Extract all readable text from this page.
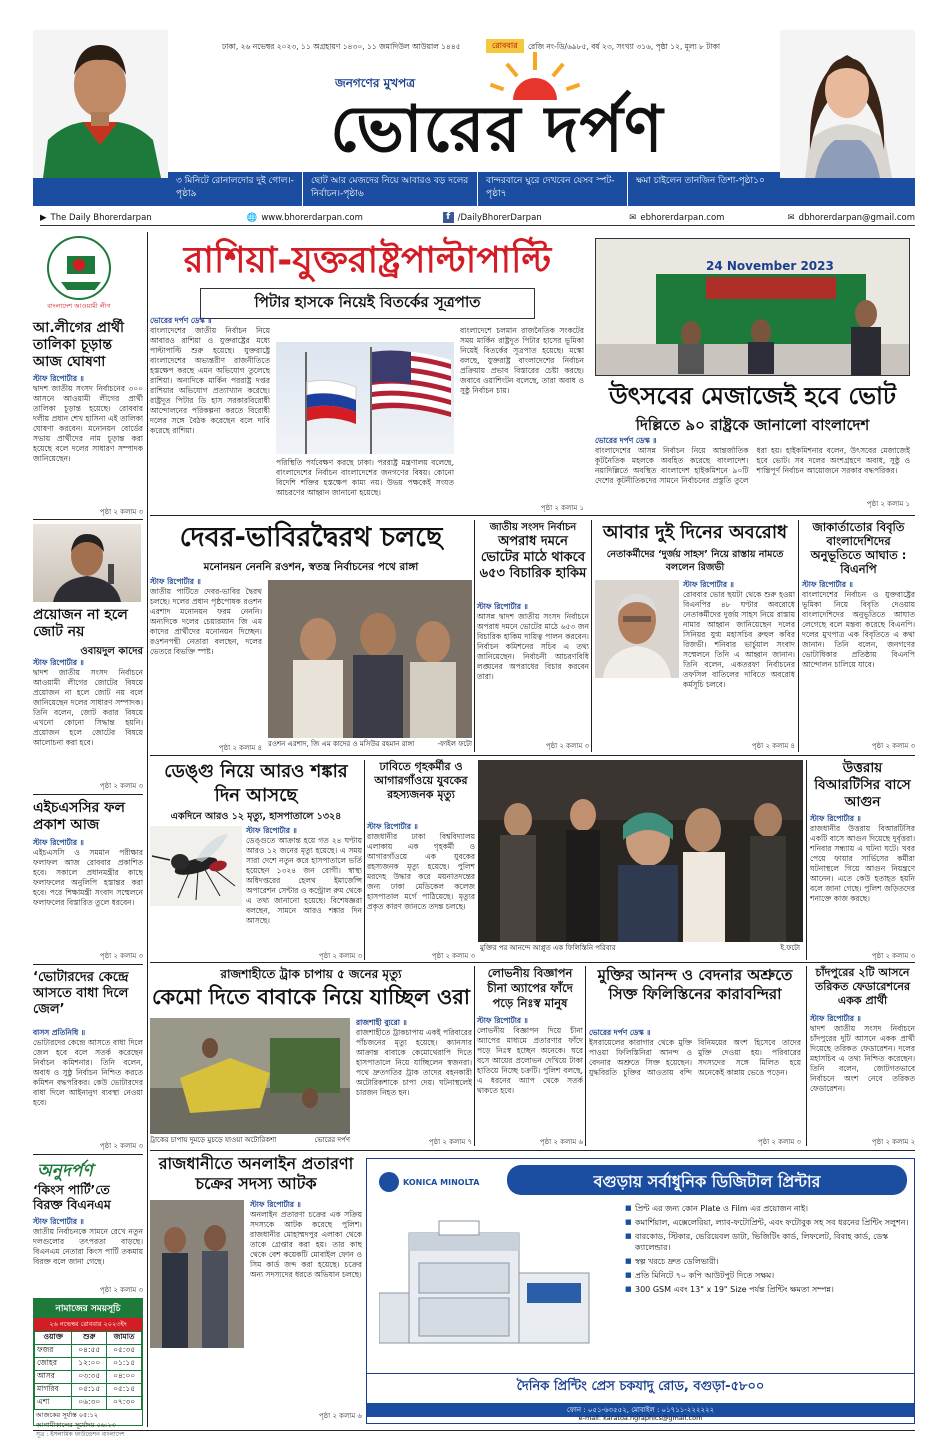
ঢাকা, ২৬ নভেম্বর ২০২৩, ১১ অগ্রহায়ণ ১৪৩০, ১১ জমাদিউল আউয়াল ১৪৪৫	রোববার	রেজি নং-ডি/৬৯৮৫, বর্ষ ২৩, সংখ্যা ৩১৬, পৃষ্ঠা ১২, মূল্য ৮ টাকা
জনগণের মুখপত্র
ভোরের দর্পণ
৩ মিনিটে রোনালদোর দুই গোল।-পৃষ্ঠা৯
ছোট আর মেজদের নিয়ে আবারও বড় দলের নির্বাচন।-পৃষ্ঠা৬
বান্দরবানে ঘুরে দেখবেন যেসব স্পট-পৃষ্ঠা৭
ক্ষমা চাইলেন তানজিন তিশা-পৃষ্ঠা১০
▶ The Daily Bhorerdarpan	🌐 www.bhorerdarpan.com	f /DailyBhorerDarpan	✉ ebhorerdarpan.com	✉ dbhorerdarpan@gmail.com
বাংলাদেশ আওয়ামী লীগ
আ.লীগের প্রার্থী তালিকা চূড়ান্ত আজ ঘোষণা
স্টাফ রিপোর্টার ॥
দ্বাদশ জাতীয় সংসদ নির্বাচনের ৩০০ আসনে আওয়ামী লীগের প্রার্থী তালিকা চূড়ান্ত হয়েছে। রোববার দলীয় প্রধান শেখ হাসিনা এই তালিকা ঘোষণা করবেন। মনোনয়ন বোর্ডের সভায় প্রার্থীদের নাম চূড়ান্ত করা হয়েছে বলে দলের সাধারণ সম্পাদক জানিয়েছেন।
পৃষ্ঠা ২ কলাম ৩
প্রয়োজন না হলে জোট নয়
ওবায়দুল কাদের
স্টাফ রিপোর্টার ॥
দ্বাদশ জাতীয় সংসদ নির্বাচনে আওয়ামী লীগের জোটের বিষয়ে প্রয়োজন না হলে জোট নয় বলে জানিয়েছেন দলের সাধারণ সম্পাদক। তিনি বলেন, জোট করার বিষয়ে এখনো কোনো সিদ্ধান্ত হয়নি। প্রয়োজন হলে জোটের বিষয়ে আলোচনা করা হবে।
পৃষ্ঠা ২ কলাম ৩
এইচএসসির ফল প্রকাশ আজ
স্টাফ রিপোর্টার ॥
এইচএসসি ও সমমান পরীক্ষার ফলাফল আজ রোববার প্রকাশিত হবে। সকালে প্রধানমন্ত্রীর কাছে ফলাফলের অনুলিপি হস্তান্তর করা হবে। পরে শিক্ষামন্ত্রী সংবাদ সম্মেলনে ফলাফলের বিস্তারিত তুলে ধরবেন।
পৃষ্ঠা ২ কলাম ৩
‘ভোটারদের কেন্দ্রে আসতে বাধা দিলে জেল’
বাসস প্রতিনিধি ॥
ভোটারদের কেন্দ্রে আসতে বাধা দিলে জেল হবে বলে সতর্ক করেছেন নির্বাচন কমিশনার। তিনি বলেন, অবাধ ও সুষ্ঠু নির্বাচন নিশ্চিত করতে কমিশন বদ্ধপরিকর। কেউ ভোটারদের বাধা দিলে আইনানুগ ব্যবস্থা নেওয়া হবে।
পৃষ্ঠা ২ কলাম ৩
অনুদর্পণ
‘কিংস পার্টি’তে বিরক্ত বিএনএম
স্টাফ রিপোর্টার ॥
জাতীয় নির্বাচনকে সামনে রেখে নতুন দলগুলোর তৎপরতা বাড়ছে। বিএনএম নেতারা কিংস পার্টি তকমায় বিরক্ত বলে জানা গেছে।
পৃষ্ঠা ২ কলাম ৩
নামাজের সময়সূচি
২৬ নভেম্বর রোববার ২০২৩ইং
ওয়াক্ত	শুরু	জামাত
ফজর	০৪:৫৫	০৫:৩৫
জোহর	১২:০০	০১:১৫
আসর	০৩:৩৫	০৪:০০
মাগরিব	০৫:১৫	০৫:১৫
এশা	০৬:৩০	০৭:৩০
আজকের সূর্যাস্ত ০৫:১২
আগামীকালের সূর্যোদয় ০৬:২৩
সূত্র : ইসলামিক ফাউন্ডেশন বাংলাদেশ
রাশিয়া-যুক্তরাষ্ট্রপাল্টাপাল্টি
পিটার হাসকে নিয়েই বিতর্কের সূত্রপাত
ভোরের দর্পণ ডেস্ক ॥
বাংলাদেশের জাতীয় নির্বাচন নিয়ে আবারও রাশিয়া ও যুক্তরাষ্ট্রের মধ্যে পাল্টাপাল্টি শুরু হয়েছে। যুক্তরাষ্ট্রে বাংলাদেশের অভ্যন্তরীণ রাজনীতিতে হস্তক্ষেপ করছে এমন অভিযোগ তুলেছে রাশিয়া। অন্যদিকে মার্কিন পররাষ্ট্র দপ্তর রাশিয়ার অভিযোগ প্রত্যাখ্যান করেছে। রাষ্ট্রদূত পিটার ডি হাস সরকারবিরোধী আন্দোলনের পরিকল্পনা করতে বিরোধী দলের সঙ্গে বৈঠক করেছেন বলে দাবি করেছে রাশিয়া।
বাংলাদেশে চলমান রাজনৈতিক সংকটের সময় মার্কিন রাষ্ট্রদূত পিটার হাসের ভূমিকা নিয়েই বিতর্কের সূত্রপাত হয়েছে। মস্কো বলছে, যুক্তরাষ্ট্র বাংলাদেশের নির্বাচন প্রক্রিয়ায় প্রভাব বিস্তারের চেষ্টা করছে। জবাবে ওয়াশিংটন বলেছে, তারা অবাধ ও সুষ্ঠু নির্বাচন চায়।
পরিস্থিতি পর্যবেক্ষণ করছে ঢাকা। পররাষ্ট্র মন্ত্রণালয় বলেছে, বাংলাদেশের নির্বাচন বাংলাদেশের জনগণের বিষয়। কোনো বিদেশি শক্তির হস্তক্ষেপ কাম্য নয়। উভয় পক্ষকেই সংযত আচরণের আহ্বান জানানো হয়েছে।
পৃষ্ঠা ২ কলাম ১
24 November 2023
উৎসবের মেজাজেই হবে ভোট
দিল্লিতে ৯০ রাষ্ট্রকে জানালো বাংলাদেশ
ভোরের দর্পণ ডেস্ক ॥
বাংলাদেশের আসন্ন নির্বাচন নিয়ে আন্তর্জাতিক কূটনৈতিক মহলকে অবহিত করেছে বাংলাদেশ। নয়াদিল্লিতে অবস্থিত বাংলাদেশ হাইকমিশনে ৯০টি দেশের কূটনীতিকদের সামনে নির্বাচনের প্রস্তুতি তুলে ধরা হয়। হাইকমিশনার বলেন, উৎসবের মেজাজেই হবে ভোট। সব দলের অংশগ্রহণে অবাধ, সুষ্ঠু ও শান্তিপূর্ণ নির্বাচন আয়োজনে সরকার বদ্ধপরিকর।
পৃষ্ঠা ২ কলাম ১
দেবর-ভাবিরদ্বৈরথ চলছে
মনোনয়ন নেননি রওশন, স্বতন্ত্র নির্বাচনের পথে রাঙ্গা
স্টাফ রিপোর্টার ॥
জাতীয় পার্টিতে দেবর-ভাবির দ্বৈরথ চলছে। দলের প্রধান পৃষ্ঠপোষক রওশন এরশাদ মনোনয়ন ফরম নেননি। অন্যদিকে দলের চেয়ারম্যান জি এম কাদের প্রার্থীদের মনোনয়ন দিচ্ছেন। রওশনপন্থী নেতারা বলছেন, দলের ভেতরে বিভক্তি স্পষ্ট।
পৃষ্ঠা ২ কলাম ৪ রওশন এরশাদ, জি এম কাদের ও মসিউর রহমান রাঙ্গা	-ফাইল ফটো
জাতীয় সংসদ নির্বাচন
অপরাধ দমনে ভোটের মাঠে থাকবে ৬৫৩ বিচারিক হাকিম
স্টাফ রিপোর্টার ॥
আসন্ন দ্বাদশ জাতীয় সংসদ নির্বাচনে অপরাধ দমনে ভোটের মাঠে ৬৫৩ জন বিচারিক হাকিম দায়িত্ব পালন করবেন। নির্বাচন কমিশনের সচিব এ তথ্য জানিয়েছেন। নির্বাচনী আচরণবিধি লঙ্ঘনের অপরাধের বিচার করবেন তারা।
পৃষ্ঠা ২ কলাম ৩
আবার দুই দিনের অবরোধ
নেতাকর্মীদের ‘দুর্জয় সাহস’ নিয়ে রাস্তায় নামতে বললেন রিজভী
স্টাফ রিপোর্টার ॥
রোববার ভোর ছয়টা থেকে শুরু হওয়া বিএনপির ৪৮ ঘণ্টার অবরোধে নেতাকর্মীদের দুর্জয় সাহস নিয়ে রাস্তায় নামার আহ্বান জানিয়েছেন দলের সিনিয়র যুগ্ম মহাসচিব রুহুল কবির রিজভী। শনিবার ভার্চুয়াল সংবাদ সম্মেলনে তিনি এ আহ্বান জানান। তিনি বলেন, একতরফা নির্বাচনের তফসিল বাতিলের দাবিতে অবরোধ কর্মসূচি চলবে।
পৃষ্ঠা ২ কলাম ৪
জাকার্তাতোর বিবৃতি বাংলাদেশিদের অনুভূতিতে আঘাত : বিএনপি
স্টাফ রিপোর্টার ॥
বাংলাদেশের নির্বাচন ও যুক্তরাষ্ট্রের ভূমিকা নিয়ে বিবৃতি দেওয়ায় বাংলাদেশিদের অনুভূতিতে আঘাত লেগেছে বলে মন্তব্য করেছে বিএনপি। দলের মুখপাত্র এক বিবৃতিতে এ কথা জানান। তিনি বলেন, জনগণের ভোটাধিকার প্রতিষ্ঠায় বিএনপি আন্দোলন চালিয়ে যাবে।
পৃষ্ঠা ২ কলাম ৩
ডেঙ্গু নিয়ে আরও শঙ্কার দিন আসছে
একদিনে আরও ১২ মৃত্যু, হাসপাতালে ১৩২৪
স্টাফ রিপোর্টার ॥
ডেঙ্গুতে আক্রান্ত হয়ে গত ২৪ ঘণ্টায় আরও ১২ জনের মৃত্যু হয়েছে। এ সময় সারা দেশে নতুন করে হাসপাতালে ভর্তি হয়েছেন ১৩২৪ জন রোগী। স্বাস্থ্য অধিদপ্তরের হেলথ ইমার্জেন্সি অপারেশন সেন্টার ও কন্ট্রোল রুম থেকে এ তথ্য জানানো হয়েছে। বিশেষজ্ঞরা বলছেন, সামনে আরও শঙ্কার দিন আসছে।
পৃষ্ঠা ২ কলাম ৩
ঢাবিতে গৃহকর্মীর ও আগারগাঁওয়ে যুবকের রহস্যজনক মৃত্যু
স্টাফ রিপোর্টার ॥
রাজধানীর ঢাকা বিশ্ববিদ্যালয় এলাকায় এক গৃহকর্মী ও আগারগাঁওয়ে এক যুবকের রহস্যজনক মৃত্যু হয়েছে। পুলিশ মরদেহ উদ্ধার করে ময়নাতদন্তের জন্য ঢাকা মেডিকেল কলেজ হাসপাতাল মর্গে পাঠিয়েছে। মৃত্যুর প্রকৃত কারণ জানতে তদন্ত চলছে।
পৃষ্ঠা ২ কলাম ৩
মুক্তির পর আনন্দে আপ্লুত এক ফিলিস্তিনি পরিবার	ই.ফটো
উত্তরায় বিআরটিসির বাসে আগুন
স্টাফ রিপোর্টার ॥
রাজধানীর উত্তরায় বিআরটিসির একটি বাসে আগুন দিয়েছে দুর্বৃত্তরা। শনিবার সন্ধ্যায় এ ঘটনা ঘটে। খবর পেয়ে ফায়ার সার্ভিসের কর্মীরা ঘটনাস্থলে গিয়ে আগুন নিয়ন্ত্রণে আনেন। এতে কেউ হতাহত হয়নি বলে জানা গেছে। পুলিশ জড়িতদের শনাক্তে কাজ করছে।
পৃষ্ঠা ২ কলাম ৩
রাজশাহীতে ট্রাক চাপায় ৫ জনের মৃত্যু
কেমো দিতে বাবাকে নিয়ে যাচ্ছিল ওরা
ট্রাকের চাপায় দুমড়ে মুচড়ে যাওয়া অটোরিকশা	ভোরের দর্পণ
রাজশাহী ব্যুরো ॥
রাজশাহীতে ট্রাকচাপায় একই পরিবারের পাঁচজনের মৃত্যু হয়েছে। ক্যানসার আক্রান্ত বাবাকে কেমোথেরাপি দিতে হাসপাতালে নিয়ে যাচ্ছিলেন স্বজনরা। পথে দ্রুতগতির ট্রাক তাদের বহনকারী অটোরিকশাকে চাপা দেয়। ঘটনাস্থলেই চারজন নিহত হন।
পৃষ্ঠা ২ কলাম ৭
লোভনীয় বিজ্ঞাপন চীনা অ্যাপের ফাঁদে পড়ে নিঃস্ব মানুষ
স্টাফ রিপোর্টার ॥
লোভনীয় বিজ্ঞাপন দিয়ে চীনা অ্যাপের মাধ্যমে প্রতারণার ফাঁদে পড়ে নিঃস্ব হচ্ছেন অনেকে। ঘরে বসে আয়ের প্রলোভন দেখিয়ে টাকা হাতিয়ে নিচ্ছে চক্রটি। পুলিশ বলছে, এ ধরনের অ্যাপ থেকে সতর্ক থাকতে হবে।
পৃষ্ঠা ২ কলাম ৬
মুক্তির আনন্দ ও বেদনার অশ্রুতে সিক্ত ফিলিস্তিনের কারাবন্দিরা
ভোরের দর্পণ ডেস্ক ॥
ইসরায়েলের কারাগার থেকে মুক্তি পাওয়া ফিলিস্তিনিরা আনন্দ ও বেদনার অশ্রুতে সিক্ত হয়েছেন। যুদ্ধবিরতি চুক্তির আওতায় বন্দি বিনিময়ের অংশ হিসেবে তাদের মুক্তি দেওয়া হয়। পরিবারের সদস্যদের সঙ্গে মিলিত হয়ে অনেকেই কান্নায় ভেঙে পড়েন।
পৃষ্ঠা ২ কলাম ৩
চাঁদপুরের ২টি আসনে তরিকত ফেডারেশনের একক প্রার্থী
স্টাফ রিপোর্টার ॥
দ্বাদশ জাতীয় সংসদ নির্বাচনে চাঁদপুরের দুটি আসনে একক প্রার্থী দিয়েছে তরিকত ফেডারেশন। দলের মহাসচিব এ তথ্য নিশ্চিত করেছেন। তিনি বলেন, জোটগতভাবে নির্বাচনে অংশ নেবে তরিকত ফেডারেশন।
পৃষ্ঠা ২ কলাম ২
রাজধানীতে অনলাইন প্রতারণা চক্রের সদস্য আটক
স্টাফ রিপোর্টার ॥
অনলাইন প্রতারণা চক্রের এক সক্রিয় সদস্যকে আটক করেছে পুলিশ। রাজধানীর মোহাম্মদপুর এলাকা থেকে তাকে গ্রেপ্তার করা হয়। তার কাছ থেকে বেশ কয়েকটি মোবাইল ফোন ও সিম কার্ড জব্দ করা হয়েছে। চক্রের অন্য সদস্যদের ধরতে অভিযান চলছে।
পৃষ্ঠা ২ কলাম ৬
বগুড়ায় সর্বাধুনিক ডিজিটাল প্রিন্টার
KONICA MINOLTA
■ প্রিন্ট এর জন্য কোন Plate ও Film এর প্রয়োজন নাই।
■ কমার্শিয়াল, এক্সেলেরিয়া, ল্যাব-ফটোপ্রিন্ট, এবং ফটোবুক সহ সব ধরনের প্রিন্টিং সলুশন।
■ বারকোড, স্টিকার, ভেরিয়েবল ডাটা, ভিজিটিং কার্ড, লিফলেট, বিবাহ কার্ড, ডেস্ক ক্যালেন্ডার।
■ স্বল্প খরচে দ্রুত ডেলিভারী।
■ প্রতি মিনিটে ৭০ কপি আউটপুট দিতে সক্ষম।
■ 300 GSM এবং 13" x 19" Size পর্যন্ত প্রিন্টিং ক্ষমতা সম্পন্ন।
দৈনিক প্রিন্টিং প্রেস চকযাদু রোড, বগুড়া-৫৮০০
ফোন : ০৫১-৬৩৫৫২, মোবাইল : ০১৭১১-২২২২২২
e-mail: karatoa.ngraphics@gmail.com
